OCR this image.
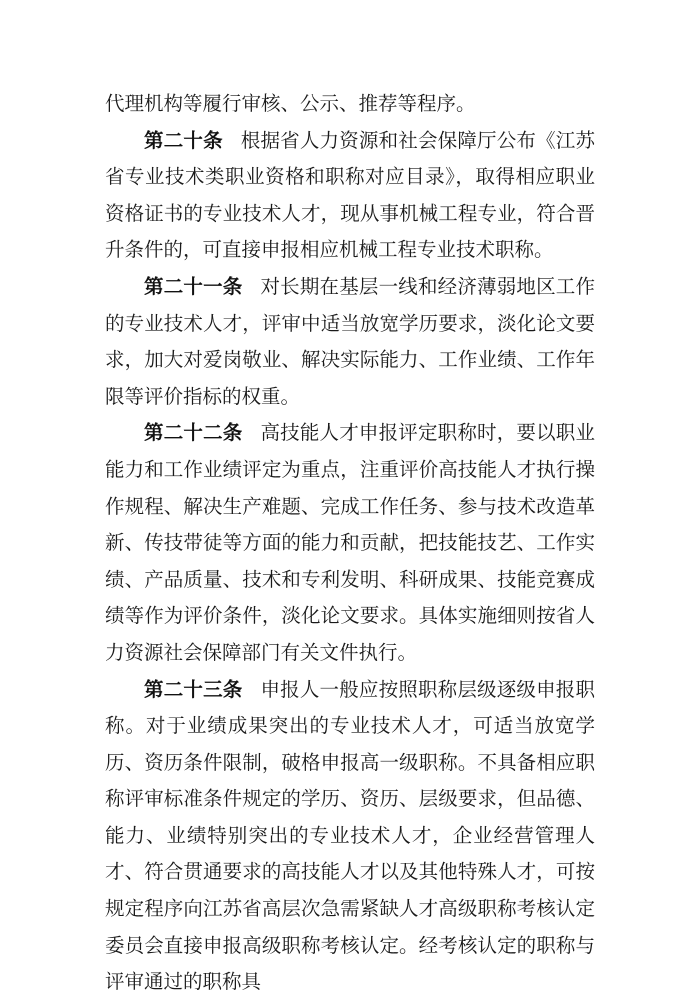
代理机构等履行审核、公示、推荐等程序。

第二十条 根据省人力资源和社会保障厅公布《江苏省专业技术类职业资格和职称对应目录》，取得相应职业资格证书的专业技术人才，现从事机械工程专业，符合晋升条件的，可直接申报相应机械工程专业技术职称。

第二十一条 对长期在基层一线和经济薄弱地区工作的专业技术人才，评审中适当放宽学历要求，淡化论文要求，加大对爱岗敬业、解决实际能力、工作业绩、工作年限等评价指标的权重。

第二十二条 高技能人才申报评定职称时，要以职业能力和工作业绩评定为重点，注重评价高技能人才执行操作规程、解决生产难题、完成工作任务、参与技术改造革新、传技带徒等方面的能力和贡献，把技能技艺、工作实绩、产品质量、技术和专利发明、科研成果、技能竞赛成绩等作为评价条件，淡化论文要求。具体实施细则按省人力资源社会保障部门有关文件执行。

第二十三条 申报人一般应按照职称层级逐级申报职称。对于业绩成果突出的专业技术人才，可适当放宽学历、资历条件限制，破格申报高一级职称。不具备相应职称评审标准条件规定的学历、资历、层级要求，但品德、能力、业绩特别突出的专业技术人才，企业经营管理人才、符合贯通要求的高技能人才以及其他特殊人才，可按规定程序向江苏省高层次急需紧缺人才高级职称考核认定委员会直接申报高级职称考核认定。经考核认定的职称与评审通过的职称具
